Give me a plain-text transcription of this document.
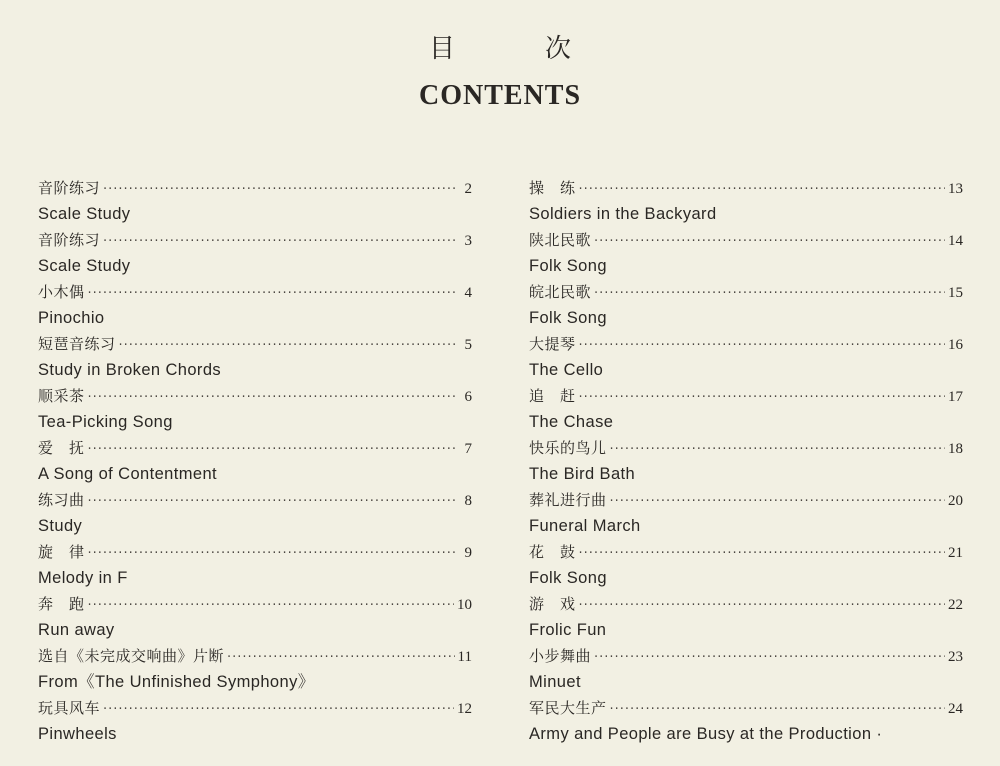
目次
CONTENTS
音阶练习 ·····	2
Scale Study
音阶练习 ·····	3
Scale Study
小木偶 ·····	4
Pinochio
短琶音练习 ·····	5
Study in Broken Chords
顺采茶 ·····	6
Tea-Picking Song
爱　抚 ·····	7
A Song of Contentment
练习曲 ·····	8
Study
旋　律 ·····	9
Melody in F
奔　跑 ·····	10
Run away
选自《未完成交响曲》片断 ·····	11
From《The Unfinished Symphony》
玩具风车 ·····	12
Pinwheels
操　练 ·····	13
Soldiers in the Backyard
陕北民歌 ·····	14
Folk Song
皖北民歌 ·····	15
Folk Song
大提琴 ·····	16
The Cello
追　赶 ·····	17
The Chase
快乐的鸟儿 ·····	18
The Bird Bath
葬礼进行曲 ·····	20
Funeral March
花　鼓 ·····	21
Folk Song
游　戏 ·····	22
Frolic Fun
小步舞曲 ·····	23
Minuet
军民大生产 ·····	24
Army and People are Busy at the Production ·
